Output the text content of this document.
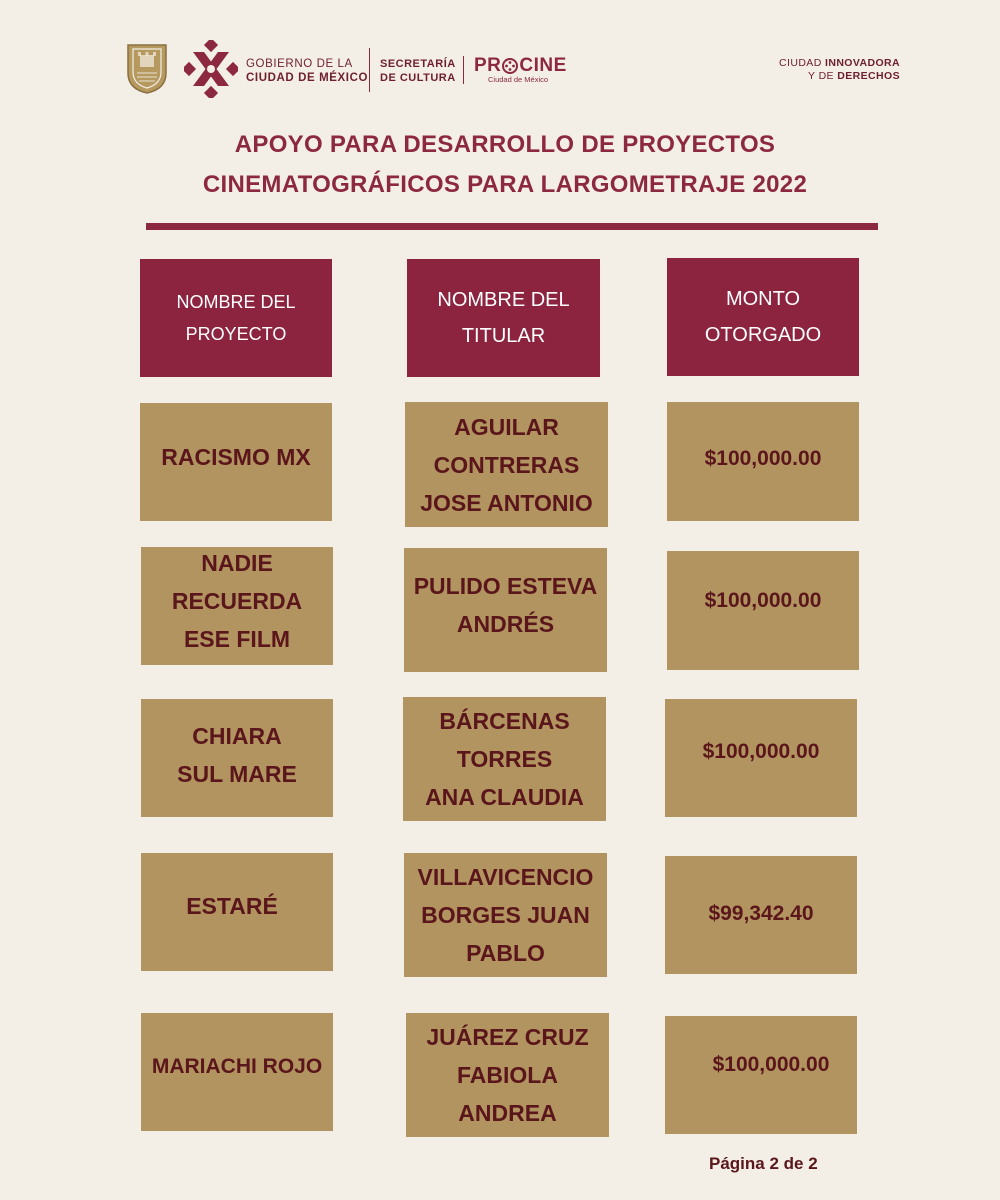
GOBIERNO DE LA
CIUDAD DE MÉXICO
SECRETARÍA
DE CULTURA
PR CINE
Ciudad de México
CIUDAD INNOVADORA
Y DE DERECHOS
APOYO PARA DESARROLLO DE PROYECTOS
CINEMATOGRÁFICOS PARA LARGOMETRAJE 2022
NOMBRE DEL
PROYECTO
NOMBRE DEL
TITULAR
MONTO
OTORGADO
RACISMO MX
AGUILAR
CONTRERAS
JOSE ANTONIO
$100,000.00
NADIE
RECUERDA
ESE FILM
PULIDO ESTEVA
ANDRÉS
$100,000.00
CHIARA
SUL MARE
BÁRCENAS
TORRES
ANA CLAUDIA
$100,000.00
ESTARÉ
VILLAVICENCIO
BORGES JUAN
PABLO
$99,342.40
MARIACHI ROJO
JUÁREZ CRUZ
FABIOLA
ANDREA
$100,000.00
Página 2 de 2
